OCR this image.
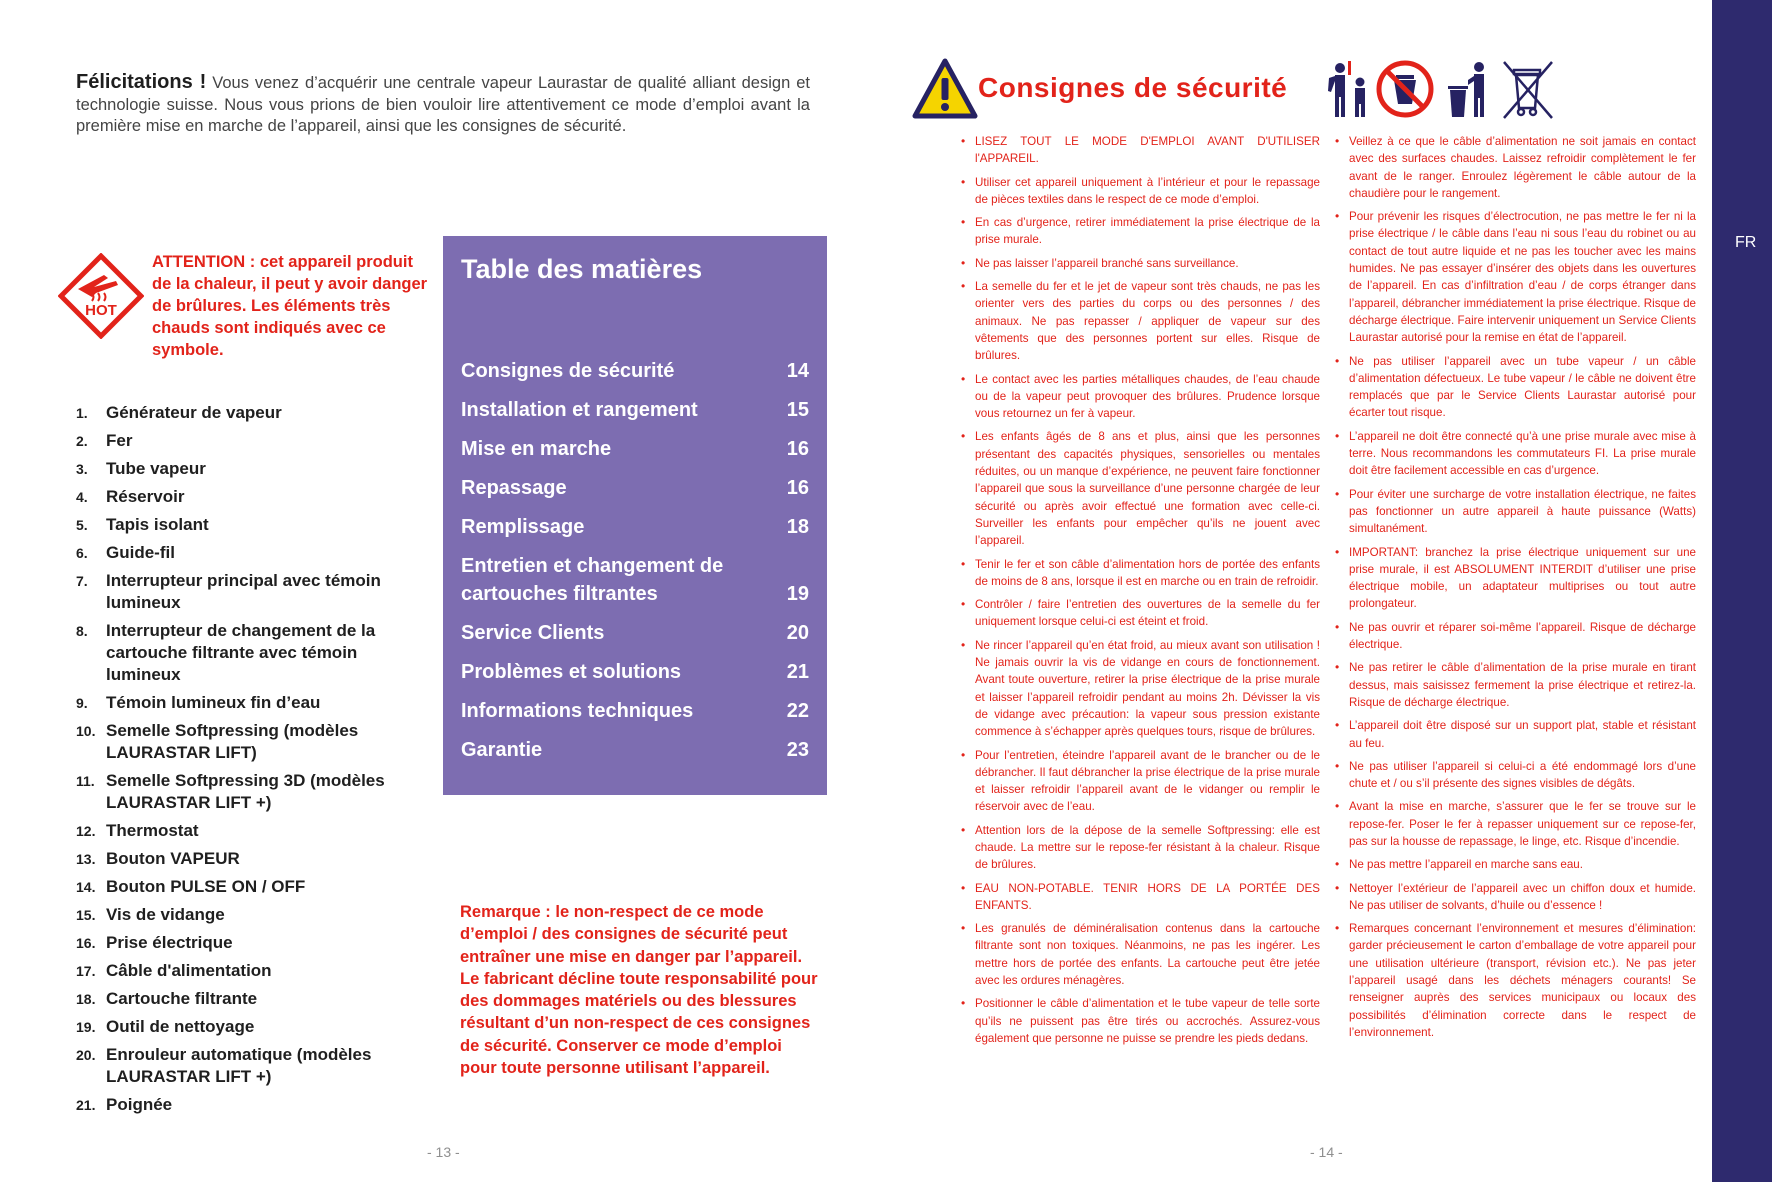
Félicitations ! Vous venez d’acquérir une centrale vapeur Laurastar de qualité alliant design et technologie suisse. Nous vous prions de bien vouloir lire attentivement ce mode d’emploi avant la première mise en marche de l’appareil, ainsi que les consignes de sécurité.
HOT
ATTENTION : cet appareil produit de la chaleur, il peut y avoir danger de brûlures. Les éléments très chauds sont indiqués avec ce symbole.
1. Générateur de vapeur
2. Fer
3. Tube vapeur
4. Réservoir
5. Tapis isolant
6. Guide-fil
7. Interrupteur principal avec témoin lumineux
8. Interrupteur de changement de la cartouche filtrante avec témoin lumineux
9. Témoin lumineux fin d’eau
10. Semelle Softpressing (modèles LAURASTAR LIFT)
11. Semelle Softpressing 3D (modèles LAURASTAR LIFT +)
12. Thermostat
13. Bouton VAPEUR
14. Bouton PULSE ON / OFF
15. Vis de vidange
16. Prise électrique
17. Câble d'alimentation
18. Cartouche filtrante
19. Outil de nettoyage
20. Enrouleur automatique (modèles LAURASTAR LIFT +)
21. Poignée
Table des matières
Consignes de sécurité	14
Installation et rangement	15
Mise en marche	16
Repassage	16
Remplissage	18
Entretien et changement de cartouches filtrantes	19
Service Clients	20
Problèmes et solutions	21
Informations techniques	22
Garantie	23
Remarque : le non-respect de ce mode d’emploi / des consignes de sécurité peut entraîner une mise en danger par l’appareil. Le fabricant décline toute responsabilité pour des dommages matériels ou des blessures résultant d’un non-respect de ces consignes de sécurité. Conserver ce mode d’emploi pour toute personne utilisant l’appareil.
- 13 -
Consignes de sécurité
• LISEZ TOUT LE MODE D'EMPLOI AVANT D'UTILISER l'APPAREIL.
• Utiliser cet appareil uniquement à l’intérieur et pour le repassage de pièces textiles dans le respect de ce mode d’emploi.
• En cas d’urgence, retirer immédiatement la prise électrique de la prise murale.
• Ne pas laisser l’appareil branché sans surveillance.
• La semelle du fer et le jet de vapeur sont très chauds, ne pas les orienter vers des parties du corps ou des personnes / des animaux. Ne pas repasser / appliquer de vapeur sur des vêtements que des personnes portent sur elles. Risque de brûlures.
• Le contact avec les parties métalliques chaudes, de l’eau chaude ou de la vapeur peut provoquer des brûlures. Prudence lorsque vous retournez un fer à vapeur.
• Les enfants âgés de 8 ans et plus, ainsi que les personnes présentant des capacités physiques, sensorielles ou mentales réduites, ou un manque d’expérience, ne peuvent faire fonctionner l’appareil que sous la surveillance d’une personne chargée de leur sécurité ou après avoir effectué une formation avec celle-ci. Surveiller les enfants pour empêcher qu’ils ne jouent avec l’appareil.
• Tenir le fer et son câble d’alimentation hors de portée des enfants de moins de 8 ans, lorsque il est en marche ou en train de refroidir.
• Contrôler / faire l’entretien des ouvertures de la semelle du fer uniquement lorsque celui-ci est éteint et froid.
• Ne rincer l’appareil qu’en état froid, au mieux avant son utilisation ! Ne jamais ouvrir la vis de vidange en cours de fonctionnement. Avant toute ouverture, retirer la prise électrique de la prise murale et laisser l’appareil refroidir pendant au moins 2h. Dévisser la vis de vidange avec précaution: la vapeur sous pression existante commence à s’échapper après quelques tours, risque de brûlures.
• Pour l’entretien, éteindre l’appareil avant de le brancher ou de le débrancher. Il faut débrancher la prise électrique de la prise murale et laisser refroidir l’appareil avant de le vidanger ou remplir le réservoir avec de l’eau.
• Attention lors de la dépose de la semelle Softpressing: elle est chaude. La mettre sur le repose-fer résistant à la chaleur. Risque de brûlures.
• EAU NON-POTABLE. TENIR HORS DE LA PORTÉE DES ENFANTS.
• Les granulés de déminéralisation contenus dans la cartouche filtrante sont non toxiques. Néanmoins, ne pas les ingérer. Les mettre hors de portée des enfants. La cartouche peut être jetée avec les ordures ménagères.
• Positionner le câble d’alimentation et le tube vapeur de telle sorte qu’ils ne puissent pas être tirés ou accrochés. Assurez-vous également que personne ne puisse se prendre les pieds dedans.
• Veillez à ce que le câble d’alimentation ne soit jamais en contact avec des surfaces chaudes. Laissez refroidir complètement le fer avant de le ranger. Enroulez légèrement le câble autour de la chaudière pour le rangement.
• Pour prévenir les risques d’électrocution, ne pas mettre le fer ni la prise électrique / le câble dans l’eau ni sous l’eau du robinet ou au contact de tout autre liquide et ne pas les toucher avec les mains humides. Ne pas essayer d’insérer des objets dans les ouvertures de l’appareil. En cas d’infiltration d’eau / de corps étranger dans l’appareil, débrancher immédiatement la prise électrique. Risque de décharge électrique. Faire intervenir uniquement un Service Clients Laurastar autorisé pour la remise en état de l’appareil.
• Ne pas utiliser l’appareil avec un tube vapeur / un câble d’alimentation défectueux. Le tube vapeur / le câble ne doivent être remplacés que par le Service Clients Laurastar autorisé pour écarter tout risque.
• L’appareil ne doit être connecté qu’à une prise murale avec mise à terre. Nous recommandons les commutateurs FI. La prise murale doit être facilement accessible en cas d’urgence.
• Pour éviter une surcharge de votre installation électrique, ne faites pas fonctionner un autre appareil à haute puissance (Watts) simultanément.
• IMPORTANT: branchez la prise électrique uniquement sur une prise murale, il est ABSOLUMENT INTERDIT d’utiliser une prise électrique mobile, un adaptateur multiprises ou tout autre prolongateur.
• Ne pas ouvrir et réparer soi-même l’appareil. Risque de décharge électrique.
• Ne pas retirer le câble d’alimentation de la prise murale en tirant dessus, mais saisissez fermement la prise électrique et retirez-la. Risque de décharge électrique.
• L’appareil doit être disposé sur un support plat, stable et résistant au feu.
• Ne pas utiliser l’appareil si celui-ci a été endommagé lors d’une chute et / ou s’il présente des signes visibles de dégâts.
• Avant la mise en marche, s’assurer que le fer se trouve sur le repose-fer. Poser le fer à repasser uniquement sur ce repose-fer, pas sur la housse de repassage, le linge, etc. Risque d’incendie.
• Ne pas mettre l’appareil en marche sans eau.
• Nettoyer l’extérieur de l’appareil avec un chiffon doux et humide. Ne pas utiliser de solvants, d’huile ou d’essence !
• Remarques concernant l’environnement et mesures d’élimination: garder précieusement le carton d’emballage de votre appareil pour une utilisation ultérieure (transport, révision etc.). Ne pas jeter l’appareil usagé dans les déchets ménagers courants! Se renseigner auprès des services municipaux ou locaux des possibilités d’élimination correcte dans le respect de l’environnement.
- 14 -
FR
